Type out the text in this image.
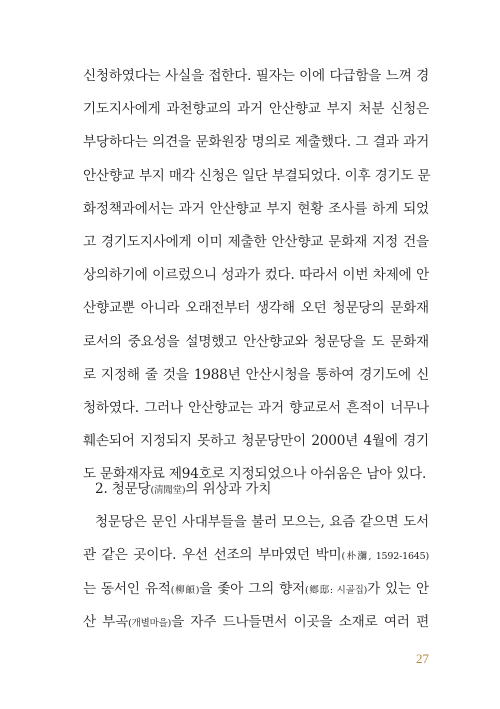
신청하였다는 사실을 접한다. 필자는 이에 다급함을 느껴 경
기도지사에게 과천향교의 과거 안산향교 부지 처분 신청은
부당하다는 의견을 문화원장 명의로 제출했다. 그 결과 과거
안산향교 부지 매각 신청은 일단 부결되었다. 이후 경기도 문
화정책과에서는 과거 안산향교 부지 현황 조사를 하게 되었
고 경기도지사에게 이미 제출한 안산향교 문화재 지정 건을
상의하기에 이르렀으니 성과가 컸다. 따라서 이번 차제에 안
산향교뿐 아니라 오래전부터 생각해 오던 청문당의 문화재
로서의 중요성을 설명했고 안산향교와 청문당을 도 문화재
로 지정해 줄 것을 1988년 안산시청을 통하여 경기도에 신
청하였다. 그러나 안산향교는 과거 향교로서 흔적이 너무나
훼손되어 지정되지 못하고 청문당만이 2000년 4월에 경기
도 문화재자료 제94호로 지정되었으나 아쉬움은 남아 있다.
2. 청문당(淸聞堂)의 위상과 가치
청문당은 문인 사대부들을 불러 모으는, 요즘 같으면 도서
관 같은 곳이다. 우선 선조의 부마였던 박미(朴瀰, 1592-1645)
는 동서인 유적(柳頔)을 좇아 그의 향저(鄕邸: 시골집)가 있는 안
산 부곡(개별마을)을 자주 드나들면서 이곳을 소재로 여러 편
27
